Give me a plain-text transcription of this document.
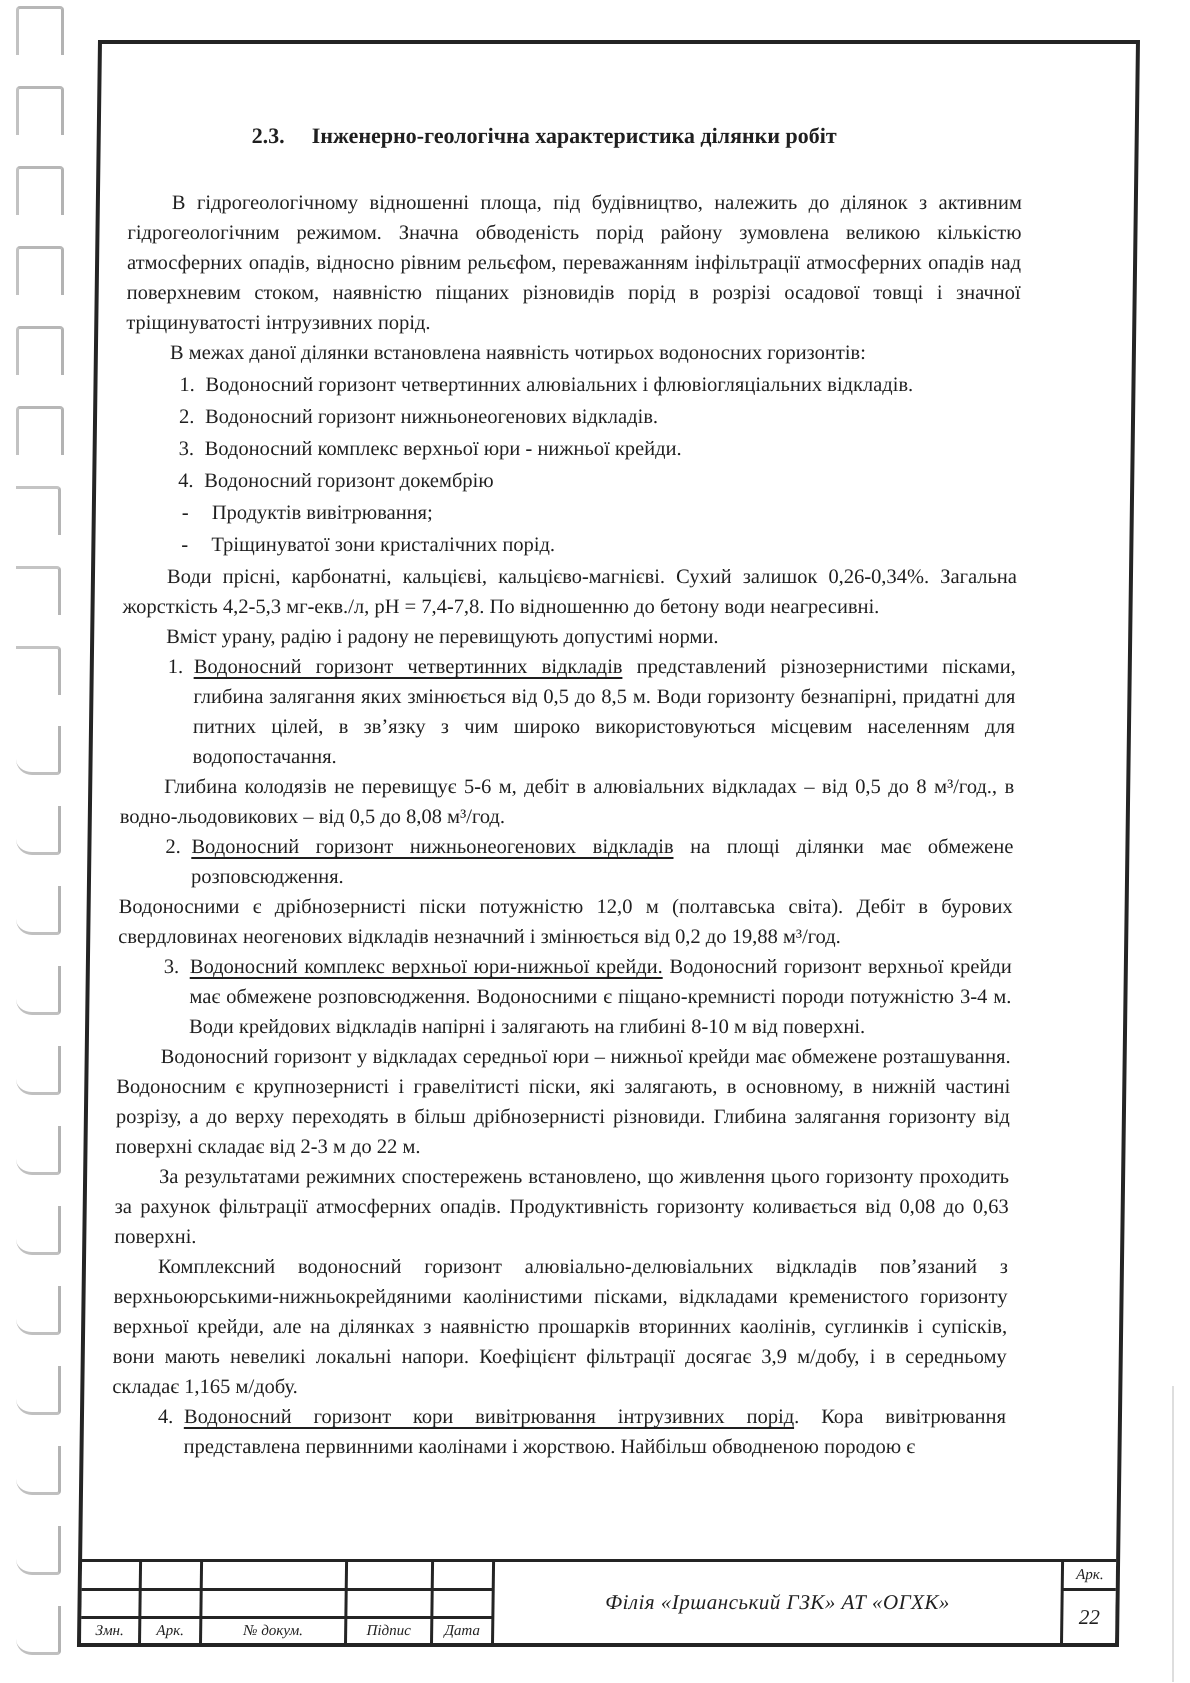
2.3. Інженерно-геологічна характеристика ділянки робіт

В гідрогеологічному відношенні площа, під будівництво, належить до ділянок з активним гідрогеологічним режимом. Значна обводеність порід району зумовлена великою кількістю атмосферних опадів, відносно рівним рельєфом, переважанням інфільтрації атмосферних опадів над поверхневим стоком, наявністю піщаних різновидів порід в розрізі осадової товщі і значної тріщинуватості інтрузивних порід.

В межах даної ділянки встановлена наявність чотирьох водоносних горизонтів:

1. Водоносний горизонт четвертинних алювіальних і флювіогляціальних відкладів.
2. Водоносний горизонт нижньонеогенових відкладів.
3. Водоносний комплекс верхньої юри - нижньої крейди.
4. Водоносний горизонт докембрію
- Продуктів вивітрювання;
- Тріщинуватої зони кристалічних порід.

Води прісні, карбонатні, кальцієві, кальцієво-магнієві. Сухий залишок 0,26-0,34%. Загальна жорсткість 4,2-5,3 мг-екв./л, рН = 7,4-7,8. По відношенню до бетону води неагресивні.

Вміст урану, радію і радону не перевищують допустимі норми.

1. Водоносний горизонт четвертинних відкладів представлений різнозернистими пісками, глибина залягання яких змінюється від 0,5 до 8,5 м. Води горизонту безнапірні, придатні для питних цілей, в зв’язку з чим широко використовуються місцевим населенням для водопостачання.

Глибина колодязів не перевищує 5-6 м, дебіт в алювіальних відкладах – від 0,5 до 8 м³/год., в водно-льодовикових – від 0,5 до 8,08 м³/год.

2. Водоносний горизонт нижньонеогенових відкладів на площі ділянки має обмежене розповсюдження.

Водоносними є дрібнозернисті піски потужністю 12,0 м (полтавська світа). Дебіт в бурових свердловинах неогенових відкладів незначний і змінюється від 0,2 до 19,88 м³/год.

3. Водоносний комплекс верхньої юри-нижньої крейди. Водоносний горизонт верхньої крейди має обмежене розповсюдження. Водоносними є піщано-кремнисті породи потужністю 3-4 м. Води крейдових відкладів напірні і залягають на глибині 8-10 м від поверхні.

Водоносний горизонт у відкладах середньої юри – нижньої крейди має обмежене розташування. Водоносним є крупнозернисті і гравелітисті піски, які залягають, в основному, в нижній частині розрізу, а до верху переходять в більш дрібнозернисті різновиди. Глибина залягання горизонту від поверхні складає від 2-3 м до 22 м.

За результатами режимних спостережень встановлено, що живлення цього горизонту проходить за рахунок фільтрації атмосферних опадів. Продуктивність горизонту коливається від 0,08 до 0,63 поверхні.

Комплексний водоносний горизонт алювіально-делювіальних відкладів пов’язаний з верхньоюрськими-нижньокрейдяними каолінистими пісками, відкладами кременистого горизонту верхньої крейди, але на ділянках з наявністю прошарків вторинних каолінів, суглинків і супісків, вони мають невеликі локальні напори. Коефіцієнт фільтрації досягає 3,9 м/добу, і в середньому складає 1,165 м/добу.

4. Водоносний горизонт кори вивітрювання інтрузивних порід. Кора вивітрювання представлена первинними каолінами і жорствою. Найбільш обводненою породою є
Філія «Іршанський ГЗК» АТ «ОГХК»
Арк.
22
Змн.	Арк.	№ докум.	Підпис	Дата
